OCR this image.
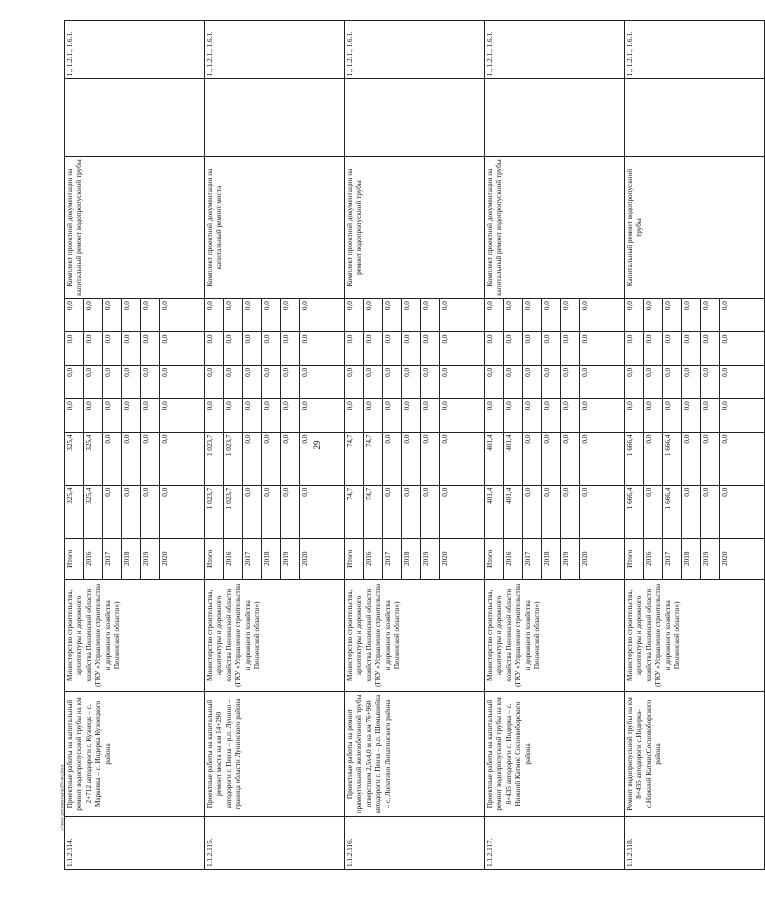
29
c:\мои документы\pd\9-ни.docx
1.1.2.114.	Проектные работы на капитальный ремонт водопропускной трубы на км 2+712 автодороги г. Кузнецк – с. Маркевка – с. Индерка Кузнецкого района	Министерство строительства, архитектуры и дорожного хозяйства Пензенской области (ГКУ «Управление строительства и дорожного хозяйства Пензенской области»)	Итого	325,4	325,4	0,0	0,0	0,0	0,0	Комплект проектной документации на капитальный ремонт водопропускной трубы		1., 1.2.1., 1.6.1.
			2016	325,4	325,4	0,0	0,0	0,0	0,0			
			2017	0,0	0,0	0,0	0,0	0,0	0,0			
			2018	0,0	0,0	0,0	0,0	0,0	0,0			
			2019	0,0	0,0	0,0	0,0	0,0	0,0			
			2020	0,0	0,0	0,0	0,0	0,0	0,0			
1.1.2.115.	Проектные работы на капитальный ремонт моста на км 14+290 автодороги г. Пенза – р.п. Лунино – граница области Лунинского района	Министерство строительства, архитектуры и дорожного хозяйства Пензенской области (ГКУ «Управление строительства и дорожного хозяйства Пензенской области»)	Итого	1 023,7	1 023,7	0,0	0,0	0,0	0,0	Комплект проектной документации на капитальный ремонт моста		1., 1.2.1., 1.6.1.
			2016	1 023,7	1 023,7	0,0	0,0	0,0	0,0			
			2017	0,0	0,0	0,0	0,0	0,0	0,0			
			2018	0,0	0,0	0,0	0,0	0,0	0,0			
			2019	0,0	0,0	0,0	0,0	0,0	0,0			
			2020	0,0	0,0	0,0	0,0	0,0	0,0			
1.1.2.116.	Проектные работы на ремонт прямоугольной железобетонной трубы отверстием 2,5х4,0 м на км 76+960 автодороги г. Пенза – р.п. Шемышейка – с. Лопатино Лопатинского района	Министерство строительства, архитектуры и дорожного хозяйства Пензенской области (ГКУ «Управление строительства и дорожного хозяйства Пензенской области»)	Итого	74,7	74,7	0,0	0,0	0,0	0,0	Комплект проектной документации на ремонт водопропускной трубы		1., 1.2.1., 1.6.1.
			2016	74,7	74,7	0,0	0,0	0,0	0,0			
			2017	0,0	0,0	0,0	0,0	0,0	0,0			
			2018	0,0	0,0	0,0	0,0	0,0	0,0			
			2019	0,0	0,0	0,0	0,0	0,0	0,0			
			2020	0,0	0,0	0,0	0,0	0,0	0,0			
1.1.2.117.	Проектные работы на капитальный ремонт водопропускной трубы на км 8+435 автодороги с. Индерка – с. Нижний Катмис Сосновоборского района	Министерство строительства, архитектуры и дорожного хозяйства Пензенской области (ГКУ «Управление строительства и дорожного хозяйства Пензенской области»)	Итого	401,4	401,4	0,0	0,0	0,0	0,0	Комплект проектной документации на капитальный ремонт водопропускной трубы		1., 1.2.1., 1.6.1.
			2016	401,4	401,4	0,0	0,0	0,0	0,0			
			2017	0,0	0,0	0,0	0,0	0,0	0,0			
			2018	0,0	0,0	0,0	0,0	0,0	0,0			
			2019	0,0	0,0	0,0	0,0	0,0	0,0			
			2020	0,0	0,0	0,0	0,0	0,0	0,0			
1.1.2.118.	Ремонт водопропускной трубы на км 8+435 автодороги с.Индерка-с.Нижний КатмисСосновоборского района	Министерство строительства, архитектуры и дорожного хозяйства Пензенской области (ГКУ «Управление строительства и дорожного хозяйства Пензенской области»)	Итого	1 666,4	1 666,4	0,0	0,0	0,0	0,0	Капитальный ремонт водопропускной трубы		1., 1.2.1., 1.6.1.
			2016	0,0	0,0	0,0	0,0	0,0	0,0			
			2017	1 666,4	1 666,4	0,0	0,0	0,0	0,0			
			2018	0,0	0,0	0,0	0,0	0,0	0,0			
			2019	0,0	0,0	0,0	0,0	0,0	0,0			
			2020	0,0	0,0	0,0	0,0	0,0	0,0			
